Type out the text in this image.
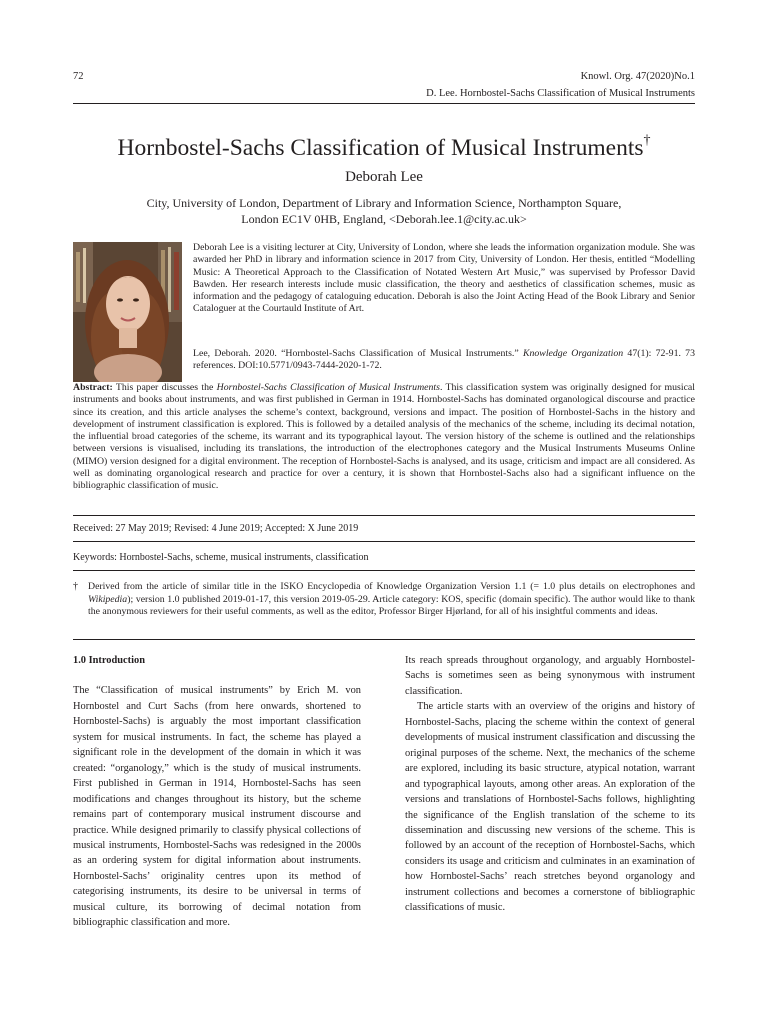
72	Knowl. Org. 47(2020)No.1
D. Lee. Hornbostel-Sachs Classification of Musical Instruments
Hornbostel-Sachs Classification of Musical Instruments†
Deborah Lee
City, University of London, Department of Library and Information Science, Northampton Square,
London EC1V 0HB, England, <Deborah.lee.1@city.ac.uk>
Deborah Lee is a visiting lecturer at City, University of London, where she leads the information organization module. She was awarded her PhD in library and information science in 2017 from City, University of London. Her thesis, entitled “Modelling Music: A Theoretical Approach to the Classification of Notated Western Art Music,” was supervised by Professor David Bawden. Her research interests include music classification, the theory and aesthetics of classification schemes, music as information and the pedagogy of cataloguing education. Deborah is also the Joint Acting Head of the Book Library and Senior Cataloguer at the Courtauld Institute of Art.
Lee, Deborah. 2020. “Hornbostel-Sachs Classification of Musical Instruments.” Knowledge Organization 47(1): 72-91. 73 references. DOI:10.5771/0943-7444-2020-1-72.
Abstract: This paper discusses the Hornbostel-Sachs Classification of Musical Instruments. This classification system was originally designed for musical instruments and books about instruments, and was first published in German in 1914. Hornbostel-Sachs has dominated organological discourse and practice since its creation, and this article analyses the scheme’s context, background, versions and impact. The position of Hornbostel-Sachs in the history and development of instrument classification is explored. This is followed by a detailed analysis of the mechanics of the scheme, including its decimal notation, the influential broad categories of the scheme, its warrant and its typographical layout. The version history of the scheme is outlined and the relationships between versions is visualised, including its translations, the introduction of the electrophones category and the Musical Instruments Museums Online (MIMO) version designed for a digital environment. The reception of Hornbostel-Sachs is analysed, and its usage, criticism and impact are all considered. As well as dominating organological research and practice for over a century, it is shown that Hornbostel-Sachs also had a significant influence on the bibliographic classification of music.
Received: 27 May 2019; Revised: 4 June 2019; Accepted: X June 2019
Keywords: Hornbostel-Sachs, scheme, musical instruments, classification
† Derived from the article of similar title in the ISKO Encyclopedia of Knowledge Organization Version 1.1 (= 1.0 plus details on electrophones and Wikipedia); version 1.0 published 2019-01-17, this version 2019-05-29. Article category: KOS, specific (domain specific). The author would like to thank the anonymous reviewers for their useful comments, as well as the editor, Professor Birger Hjørland, for all of his insightful comments and ideas.

1.0 Introduction

The “Classification of musical instruments” by Erich M. von Hornbostel and Curt Sachs (from here onwards, shortened to Hornbostel-Sachs) is arguably the most important classification system for musical instruments. In fact, the scheme has played a significant role in the development of the domain in which it was created: “organology,” which is the study of musical instruments. First published in German in 1914, Hornbostel-Sachs has seen modifications and changes throughout its history, but the scheme remains part of contemporary musical instrument discourse and practice. While designed primarily to classify physical collections of musical instruments, Hornbostel-Sachs was redesigned in the 2000s as an ordering system for digital information about instruments. Hornbostel-Sachs’ originality centres upon its method of categorising instruments, its desire to be universal in terms of musical culture, its borrowing of decimal notation from bibliographic classification and more.

Its reach spreads throughout organology, and arguably Hornbostel-Sachs is sometimes seen as being synonymous with instrument classification.

The article starts with an overview of the origins and history of Hornbostel-Sachs, placing the scheme within the context of general developments of musical instrument classification and discussing the original purposes of the scheme. Next, the mechanics of the scheme are explored, including its basic structure, atypical notation, warrant and typographical layouts, among other areas. An exploration of the versions and translations of Hornbostel-Sachs follows, highlighting the significance of the English translation of the scheme to its dissemination and discussing new versions of the scheme. This is followed by an account of the reception of Hornbostel-Sachs, which considers its usage and criticism and culminates in an examination of how Hornbostel-Sachs’ reach stretches beyond organology and instrument collections and becomes a cornerstone of bibliographic classifications of music.
